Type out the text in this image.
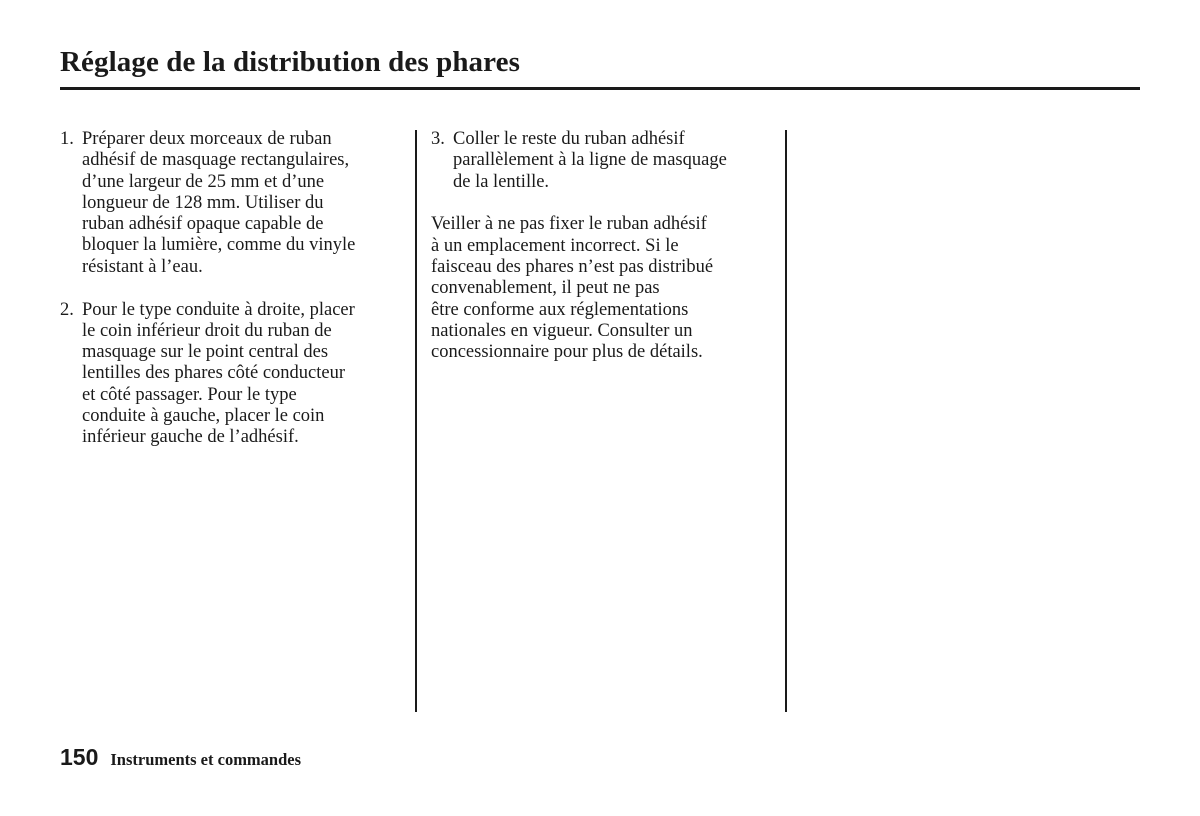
Réglage de la distribution des phares
1. Préparer deux morceaux de ruban
adhésif de masquage rectangulaires,
d’une largeur de 25 mm et d’une
longueur de 128 mm. Utiliser du
ruban adhésif opaque capable de
bloquer la lumière, comme du vinyle
résistant à l’eau.
2. Pour le type conduite à droite, placer
le coin inférieur droit du ruban de
masquage sur le point central des
lentilles des phares côté conducteur
et côté passager. Pour le type
conduite à gauche, placer le coin
inférieur gauche de l’adhésif.
3. Coller le reste du ruban adhésif
parallèlement à la ligne de masquage
de la lentille.
Veiller à ne pas fixer le ruban adhésif
à un emplacement incorrect. Si le
faisceau des phares n’est pas distribué
convenablement, il peut ne pas
être conforme aux réglementations
nationales en vigueur. Consulter un
concessionnaire pour plus de détails.
150 Instruments et commandes
